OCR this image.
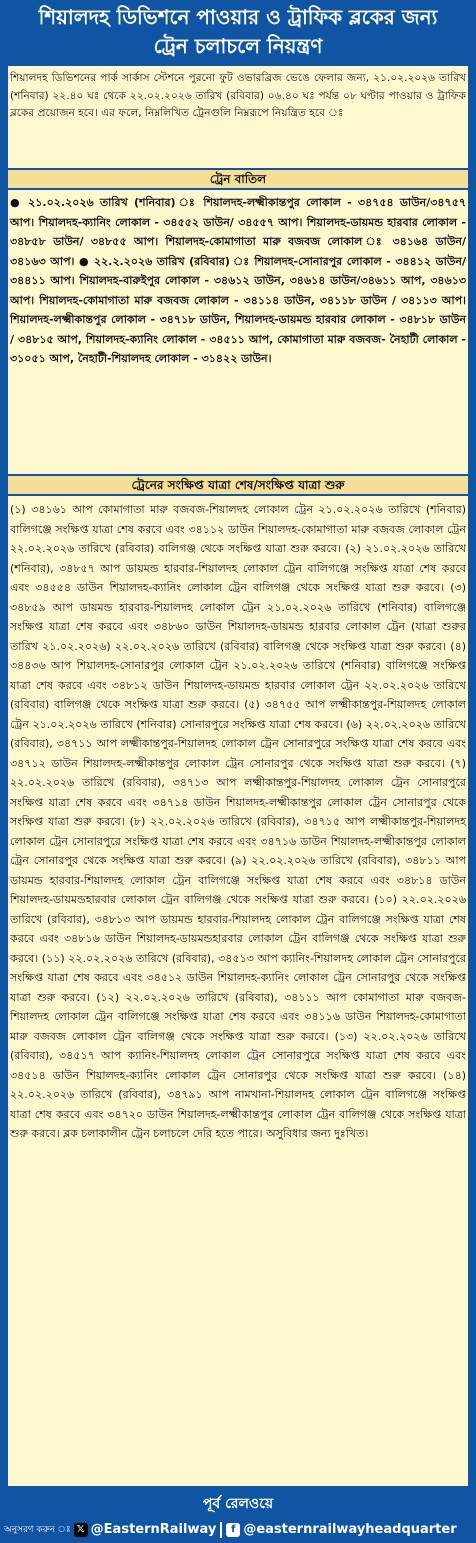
শিয়ালদহ ডিভিশনে পাওয়ার ও ট্রাফিক ব্লকের জন্য
ট্রেন চলাচলে নিয়ন্ত্রণ
শিয়ালদহ ডিভিশনের পার্ক সার্কাস স্টেশনে পুরনো ফুট ওভারব্রিজ ভেঙে ফেলার জন্য, ২১.০২.২০২৬ তারিখ (শনিবার) ২২.৪০ ঘঃ থেকে ২২.০২.২০২৬ তারিখ (রবিবার) ০৬.৪০ ঘঃ পর্যন্ত ০৮ ঘণ্টার পাওয়ার ও ট্রাফিক ব্লকের প্রয়োজন হবে। এর ফলে, নিম্নলিখিত ট্রেনগুলি নিম্নরূপে নিয়ন্ত্রিত হবে ঃ
ট্রেন বাতিল
● ২১.০২.২০২৬ তারিখ (শনিবার) ঃ শিয়ালদহ-লক্ষ্মীকান্তপুর লোকাল - ৩৪৭৫৪ ডাউন/৩৪৭৫৭ আপ। শিয়ালদহ-ক্যানিং লোকাল - ৩৪৫৫২ ডাউন/ ৩৪৫৫৭ আপ। শিয়ালদহ-ডায়মন্ড হারবার লোকাল - ৩৪৮৫৮ ডাউন/ ৩৪৮৫৫ আপ। শিয়ালদহ-কোমাগাতা মারু বজবজ লোকাল ঃ ৩৪১৬৪ ডাউন/৩৪১৬৩ আপ। ● ২২.২.২০২৬ তারিখ (রবিবার) ঃ শিয়ালদহ-সোনারপুর লোকাল - ৩৪৪১২ ডাউন/৩৪৪১১ আপ। শিয়ালদহ-বারুইপুর লোকাল - ৩৪৬১২ ডাউন, ৩৪৬১৪ ডাউন/৩৪৬১১ আপ, ৩৪৬১৩ আপ। শিয়ালদহ-কোমাগাতা মারু বজবজ লোকাল - ৩৪১১৪ ডাউন, ৩৪১১৮ ডাউন / ৩৪১১৩ আপ। শিয়ালদহ-লক্ষ্মীকান্তপুর লোকাল - ৩৪৭১৮ ডাউন, শিয়ালদহ-ডায়মন্ড হারবার লোকাল - ৩৪৮১৮ ডাউন / ৩৪৮১৫ আপ, শিয়ালদহ-ক্যানিং লোকাল - ৩৪৫১১ আপ, কোমাগাতা মারু বজবজ- নৈহাটী লোকাল - ৩১০৫১ আপ, নৈহাটী-শিয়ালদহ লোকাল - ৩১৪২২ ডাউন।
ট্রেনের সংক্ষিপ্ত যাত্রা শেষ/সংক্ষিপ্ত যাত্রা শুরু
(১) ৩৪১৬১ আপ কোমাগাতা মারু বজবজ-শিয়ালদহ লোকাল ট্রেন ২১.০২.২০২৬ তারিখে (শনিবার) বালিগঞ্জে সংক্ষিপ্ত যাত্রা শেষ করবে এবং ৩৪১১২ ডাউন শিয়ালদহ-কোমাগাতা মারু বজবজ লোকাল ট্রেন ২২.০২.২০২৬ তারিখে (রবিবার) বালিগঞ্জ থেকে সংক্ষিপ্ত যাত্রা শুরু করবে। (২) ২১.০২.২০২৬ তারিখে (শনিবার), ৩৪৮৫৭ আপ ডায়মন্ড হারবার-শিয়ালদহ লোকাল ট্রেন বালিগঞ্জে সংক্ষিপ্ত যাত্রা শেষ করবে এবং ৩৪৫৫৪ ডাউন শিয়ালদহ-ক্যানিং লোকাল ট্রেন বালিগঞ্জ থেকে সংক্ষিপ্ত যাত্রা শুরু করবে। (৩) ৩৪৮৫৯ আপ ডায়মন্ড হারবার-শিয়ালদহ লোকাল ট্রেন ২১.০২.২০২৬ তারিখে (শনিবার) বালিগঞ্জে সংক্ষিপ্ত যাত্রা শেষ করবে এবং ৩৪৮৬০ ডাউন শিয়ালদহ-ডায়মন্ড হারবার লোকাল ট্রেন (যাত্রা শুরুর তারিখ ২১.০২.২০২৬) ২২.০২.২০২৬ তারিখে (রবিবার) বালিগঞ্জ থেকে সংক্ষিপ্ত যাত্রা শুরু করবে। (৪) ৩৪৪৩৬ আপ শিয়ালদহ-সোনারপুর লোকাল ট্রেন ২১.০২.২০২৬ তারিখে (শনিবার) বালিগঞ্জে সংক্ষিপ্ত যাত্রা শেষ করবে এবং ৩৪৮১২ ডাউন শিয়ালদহ-ডায়মন্ড হারবার লোকাল ট্রেন ২২.০২.২০২৬ তারিখে (রবিবার) বালিগঞ্জ থেকে সংক্ষিপ্ত যাত্রা শুরু করবে। (৫) ৩৪৭৫৫ আপ লক্ষ্মীকান্তপুর-শিয়ালদহ লোকাল ট্রেন ২১.০২.২০২৬ তারিখে (শনিবার) সোনারপুরে সংক্ষিপ্ত যাত্রা শেষ করবে। (৬) ২২.০২.২০২৬ তারিখে (রবিবার), ৩৪৭১১ আপ লক্ষ্মীকান্তপুর-শিয়ালদহ লোকাল ট্রেন সোনারপুরে সংক্ষিপ্ত যাত্রা শেষ করবে এবং ৩৪৭১২ ডাউন শিয়ালদহ-লক্ষ্মীকান্তপুর লোকাল ট্রেন সোনারপুর থেকে সংক্ষিপ্ত যাত্রা শুরু করবে। (৭) ২২.০২.২০২৬ তারিখে (রবিবার), ৩৪৭১৩ আপ লক্ষ্মীকান্তপুর-শিয়ালদহ লোকাল ট্রেন সোনারপুরে সংক্ষিপ্ত যাত্রা শেষ করবে এবং ৩৪৭১৪ ডাউন শিয়ালদহ-লক্ষ্মীকান্তপুর লোকাল ট্রেন সোনারপুর থেকে সংক্ষিপ্ত যাত্রা শুরু করবে। (৮) ২২.০২.২০২৬ তারিখে (রবিবার), ৩৪৭১৫ আপ লক্ষ্মীকান্তপুর-শিয়ালদহ লোকাল ট্রেন সোনারপুরে সংক্ষিপ্ত যাত্রা শেষ করবে এবং ৩৪৭১৬ ডাউন শিয়ালদহ-লক্ষ্মীকান্তপুর লোকাল ট্রেন সোনারপুর থেকে সংক্ষিপ্ত যাত্রা শুরু করবে। (৯) ২২.০২.২০২৬ তারিখে (রবিবার), ৩৪৮১১ আপ ডায়মন্ড হারবার-শিয়ালদহ লোকাল ট্রেন বালিগঞ্জে সংক্ষিপ্ত যাত্রা শেষ করবে এবং ৩৪৮১৪ ডাউন শিয়ালদহ-ডায়মন্ডহারবার লোকাল ট্রেন বালিগঞ্জ থেকে সংক্ষিপ্ত যাত্রা শুরু করবে। (১০) ২২.০২.২০২৬ তারিখে (রবিবার), ৩৪৮১৩ আপ ডায়মন্ড হারবার-শিয়ালদহ লোকাল ট্রেন বালিগঞ্জে সংক্ষিপ্ত যাত্রা শেষ করবে এবং ৩৪৮১৬ ডাউন শিয়ালদহ-ডায়মন্ডহারবার লোকাল ট্রেন বালিগঞ্জ থেকে সংক্ষিপ্ত যাত্রা শুরু করবে। (১১) ২২.০২.২০২৬ তারিখে (রবিবার), ৩৪৫১৩ আপ ক্যানিং-শিয়ালদহ লোকাল ট্রেন সোনারপুরে সংক্ষিপ্ত যাত্রা শেষ করবে এবং ৩৪৫১২ ডাউন শিয়ালদহ-ক্যানিং লোকাল ট্রেন সোনারপুর থেকে সংক্ষিপ্ত যাত্রা শুরু করবে। (১২) ২২.০২.২০২৬ তারিখে (রবিবার), ৩৪১১১ আপ কোমাগাতা মারু বজবজ-শিয়ালদহ লোকাল ট্রেন বালিগঞ্জে সংক্ষিপ্ত যাত্রা শেষ করবে এবং ৩৪১১৬ ডাউন শিয়ালদহ-কোমাগাতা মারু বজবজ লোকাল ট্রেন বালিগঞ্জ থেকে সংক্ষিপ্ত যাত্রা শুরু করবে। (১৩) ২২.০২.২০২৬ তারিখে (রবিবার), ৩৪৫১৭ আপ ক্যানিং-শিয়ালদহ লোকাল ট্রেন সোনারপুরে সংক্ষিপ্ত যাত্রা শেষ করবে এবং ৩৪৫১৪ ডাউন শিয়ালদহ-ক্যানিং লোকাল ট্রেন সোনারপুর থেকে সংক্ষিপ্ত যাত্রা শুরু করবে। (১৪) ২২.০২.২০২৬ তারিখে (রবিবার), ৩৪৭৯১ আপ নামখানা-শিয়ালদহ লোকাল ট্রেন বালিগঞ্জে সংক্ষিপ্ত যাত্রা শেষ করবে এবং ৩৪৭২০ ডাউন শিয়ালদহ-লক্ষ্মীকান্তপুর লোকাল ট্রেন বালিগঞ্জ থেকে সংক্ষিপ্ত যাত্রা শুরু করবে। ব্লক চলাকালীন ট্রেন চলাচলে দেরি হতে পারে। অসুবিধার জন্য দুঃখিত।
পূর্ব রেলওয়ে
অনুসরণ করুন ঃ 𝕏 @EasternRailway	f @easternrailwayheadquarter
